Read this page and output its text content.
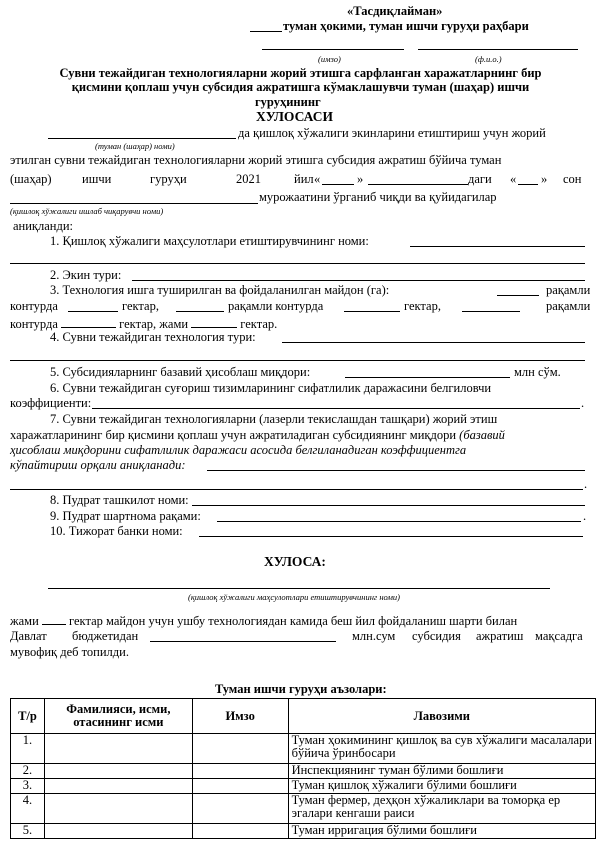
«Тасдиқлайман»
туман ҳокими, туман ишчи гуруҳи раҳбари
(имзо)	(ф.и.о.)
Сувни тежайдиган технологияларни жорий этишга сарфланган харажатларнинг бир
қисмини қоплаш учун субсидия ажратишга кўмаклашувчи туман (шаҳар) ишчи
гуруҳининг
ХУЛОСАСИ
да қишлоқ хўжалиги экинларини етиштириш учун жорий
(туман (шаҳар) номи)
этилган сувни тежайдиган технологияларни жорий этишга субсидия ажратиш бўйича туман
(шаҳар) ишчи	гуруҳи	2021	йил «	»	даги « » сон
мурожаатини ўрганиб чиқди ва қуйидагилар
(қишлоқ хўжалиги ишлаб чиқарувчи номи)
аниқланди:
1. Қишлоқ хўжалиги маҳсулотлари етиштирувчининг номи:
2. Экин тури:
3. Технология ишга туширилган ва фойдаланилган майдон (га):	рақамли
контурда	гектар,	рақамли контурда	гектар,	рақамли
контурда	гектар, жами	гектар.
4. Сувни тежайдиган технология тури:
5. Субсидияларнинг базавий ҳисоблаш миқдори:	млн сўм.
6. Сувни тежайдиган суғориш тизимларининг сифатлилик даражасини белгиловчи
коэффициенти:	.
7. Сувни тежайдиган технологияларни (лазерли текислашдан ташқари) жорий этиш
харажатларининг бир қисмини қоплаш учун ажратиладиган субсидиянинг миқдори (базавий
ҳисоблаш миқдорини сифатлилик даражаси асосида белгиланадиган коэффициентга
кўпайтириш орқали аниқланади:
.
8. Пудрат ташкилот номи:
9. Пудрат шартнома рақами:	.
10. Тижорат банки номи:
ХУЛОСА:
(қишлоқ хўжалиги маҳсулотлари етиштирувчининг номи)
жами гектар майдон учун ушбу технологиядан камида беш йил фойдаланиш шарти билан
Давлат бюджетидан	млн.сум субсидия ажратиш мақсадга
мувофиқ деб топилди.
Туман ишчи гуруҳи аъзолари:
Т/р	Фамилияси, исми, отасининг исми	Имзо	Лавозими
1.			Туман ҳокимининг қишлоқ ва сув хўжалиги масалалари бўйича ўринбосари
2.			Инспекциянинг туман бўлими бошлиғи
3.			Туман қишлоқ хўжалиги бўлими бошлиғи
4.			Туман фермер, деҳқон хўжаликлари ва томорқа ер эгалари кенгаши раиси
5.			Туман ирригация бўлими бошлиғи
